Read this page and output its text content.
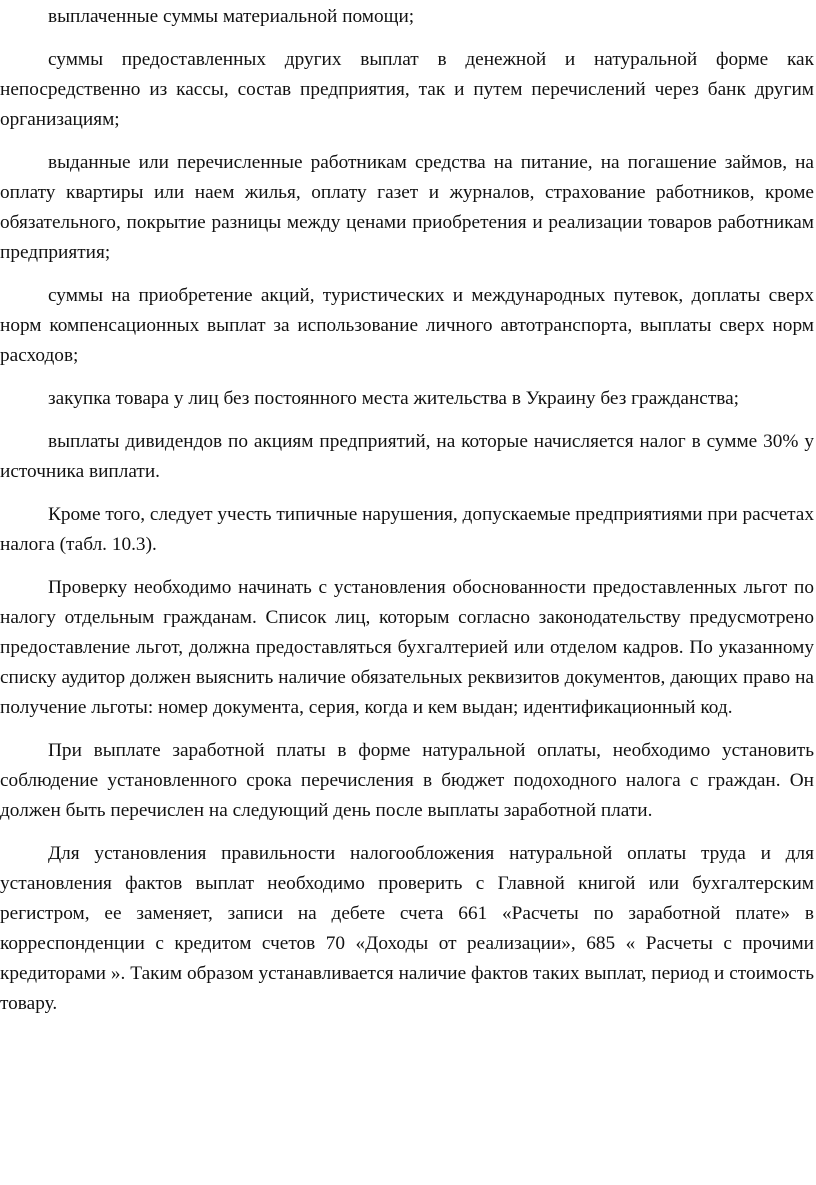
выплаченные суммы материальной помощи;

суммы предоставленных других выплат в денежной и натуральной форме как непосредственно из кассы, состав предприятия, так и путем перечислений через банк другим организациям;

выданные или перечисленные работникам средства на питание, на погашение займов, на оплату квартиры или наем жилья, оплату газет и журналов, страхование работников, кроме обязательного, покрытие разницы между ценами приобретения и реализации товаров работникам предприятия;

суммы на приобретение акций, туристических и международных путевок, доплаты сверх норм компенсационных выплат за использование личного автотранспорта, выплаты сверх норм расходов;

закупка товара у лиц без постоянного места жительства в Украину без гражданства;

выплаты дивидендов по акциям предприятий, на которые начисляется налог в сумме 30% у источника виплати.

Кроме того, следует учесть типичные нарушения, допускаемые предприятиями при расчетах налога (табл. 10.3).

Проверку необходимо начинать с установления обоснованности предоставленных льгот по налогу отдельным гражданам. Список лиц, которым согласно законодательству предусмотрено предоставление льгот, должна предоставляться бухгалтерией или отделом кадров. По указанному списку аудитор должен выяснить наличие обязательных реквизитов документов, дающих право на получение льготы: номер документа, серия, когда и кем выдан; идентификационный код.

При выплате заработной платы в форме натуральной оплаты, необходимо установить соблюдение установленного срока перечисления в бюджет подоходного налога с граждан. Он должен быть перечислен на следующий день после выплаты заработной плати.

Для установления правильности налогообложения натуральной оплаты труда и для установления фактов выплат необходимо проверить с Главной книгой или бухгалтерским регистром, ее заменяет, записи на дебете счета 661 «Расчеты по заработной плате» в корреспонденции с кредитом счетов 70 «Доходы от реализации», 685 « Расчеты с прочими кредиторами ». Таким образом устанавливается наличие фактов таких выплат, период и стоимость товару.
